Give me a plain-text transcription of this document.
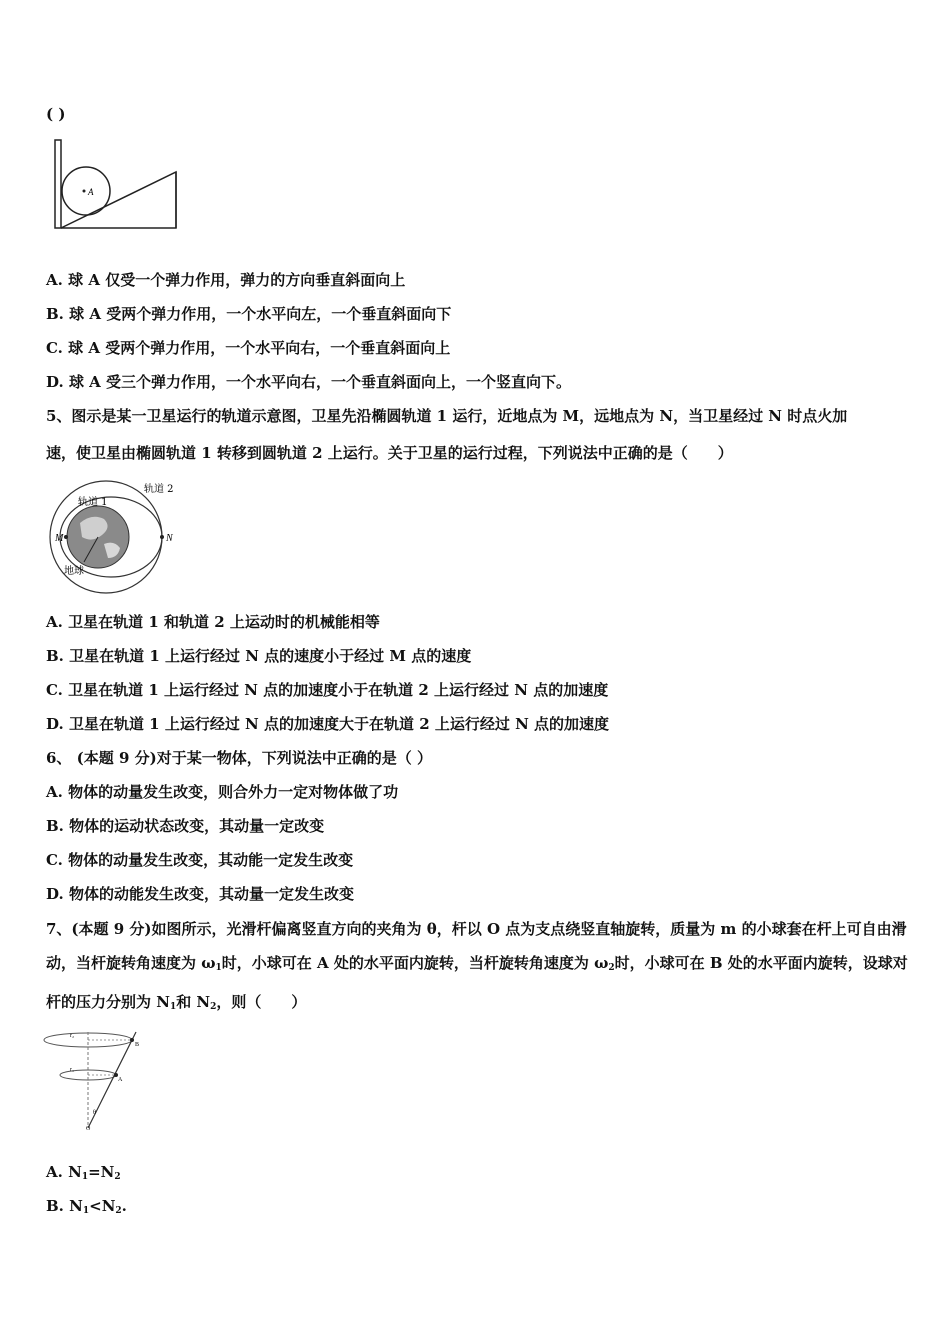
( )
A
A. 球 A 仅受一个弹力作用，弹力的方向垂直斜面向上
B. 球 A 受两个弹力作用，一个水平向左，一个垂直斜面向下
C. 球 A 受两个弹力作用，一个水平向右，一个垂直斜面向上
D. 球 A 受三个弹力作用，一个水平向右，一个垂直斜面向上，一个竖直向下。
5、图示是某一卫星运行的轨道示意图，卫星先沿椭圆轨道 1 运行，近地点为 M，远地点为 N，当卫星经过 N 时点火加
速，使卫星由椭圆轨道 1 转移到圆轨道 2 上运行。关于卫星的运行过程，下列说法中正确的是（　　）
M	N
轨道 1
轨道 2
地球
A. 卫星在轨道 1 和轨道 2 上运动时的机械能相等
B. 卫星在轨道 1 上运行经过 N 点的速度小于经过 M 点的速度
C. 卫星在轨道 1 上运行经过 N 点的加速度小于在轨道 2 上运行经过 N 点的加速度
D. 卫星在轨道 1 上运行经过 N 点的加速度大于在轨道 2 上运行经过 N 点的加速度
6、 (本题 9 分)对于某一物体，下列说法中正确的是（ ）
A. 物体的动量发生改变，则合外力一定对物体做了功
B. 物体的运动状态改变，其动量一定改变
C. 物体的动量发生改变，其动能一定发生改变
D. 物体的动能发生改变，其动量一定发生改变
7、(本题 9 分)如图所示，光滑杆偏离竖直方向的夹角为 θ，杆以 O 点为支点绕竖直轴旋转，质量为 m 的小球套在杆上可自由滑动，当杆旋转角速度为 $\omega_1$时，小球可在 A 处的水平面内旋转，当杆旋转角速度为 $\omega_2$时，小球可在 B 处的水平面内旋转，设球对杆的压力分别为 $N_1$和 $N_2$，则（　　）
B
A
θ
O
r₂
r₁
A. $N_1=N_2$
B. $N_1<N_2$.
